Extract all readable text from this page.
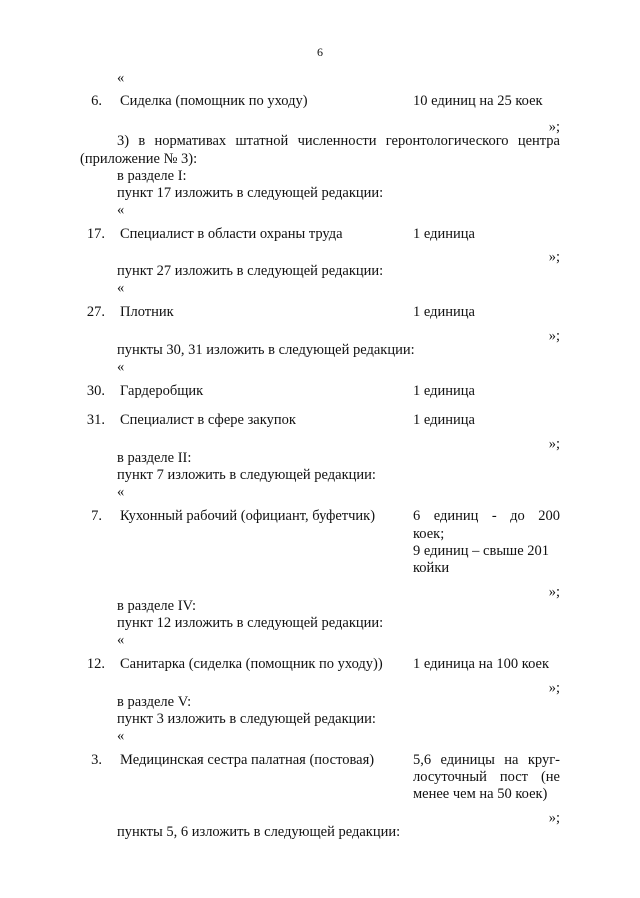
6
«
6. Сиделка (помощник по уходу)	10 единиц на 25 коек
»;
3) в нормативах штатной численности геронтологического центра
(приложение № 3):
в разделе I:
пункт 17 изложить в следующей редакции:
«
17. Специалист в области охраны труда	1 единица
»;
пункт 27 изложить в следующей редакции:
«
27. Плотник	1 единица
»;
пункты 30, 31 изложить в следующей редакции:
«
30. Гардеробщик	1 единица
31. Специалист в сфере закупок	1 единица
»;
в разделе II:
пункт 7 изложить в следующей редакции:
«
7. Кухонный рабочий (официант, буфетчик)	6 единиц - до 200
коек;
9 единиц – свыше 201
койки
»;
в разделе IV:
пункт 12 изложить в следующей редакции:
«
12. Санитарка (сиделка (помощник по уходу)) 1 единица на 100 коек
»;
в разделе V:
пункт 3 изложить в следующей редакции:
«
3. Медицинская сестра палатная (постовая)	5,6 единицы на круг-
лосуточный пост (не
менее чем на 50 коек)
»;
пункты 5, 6 изложить в следующей редакции:
